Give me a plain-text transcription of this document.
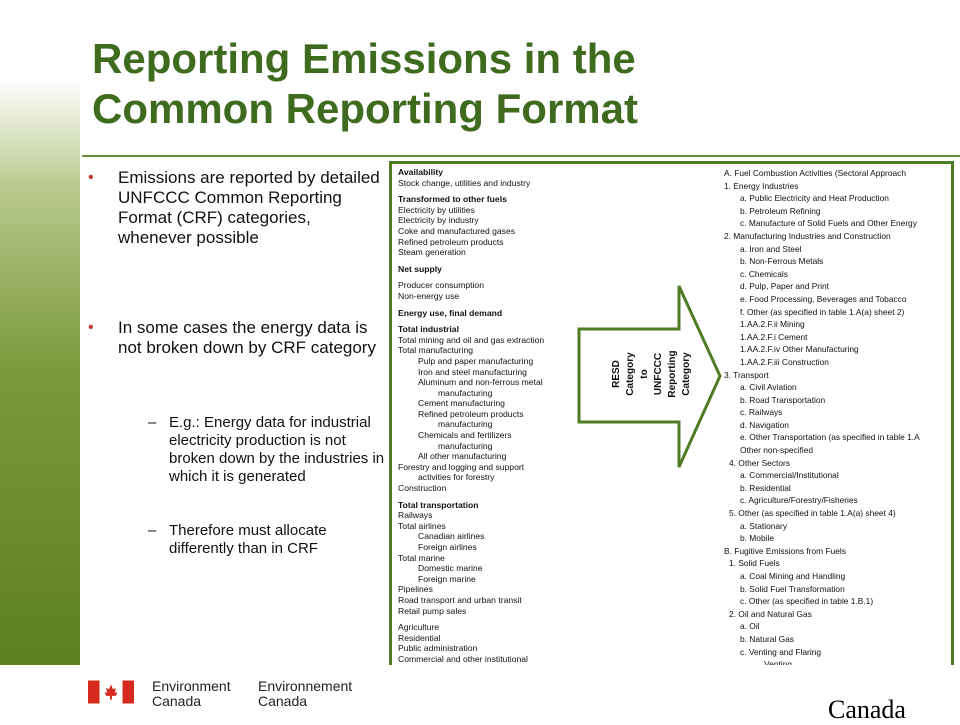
Reporting Emissions in the
Common Reporting Format
• Emissions are reported by detailed UNFCCC Common Reporting Format (CRF) categories, whenever possible
• In some cases the energy data is not broken down by CRF category
– E.g.: Energy data for industrial electricity production is not broken down by the industries in which it is generated
– Therefore must allocate differently than in CRF
Availability
Stock change, utilities and industry
Transformed to other fuels
Electricity by utilities
Electricity by industry
Coke and manufactured gases
Refined petroleum products
Steam generation
Net supply
Producer consumption
Non-energy use
Energy use, final demand
Total industrial
Total mining and oil and gas extraction
Total manufacturing
Pulp and paper manufacturing
Iron and steel manufacturing
Aluminum and non-ferrous metal
manufacturing
Cement manufacturing
Refined petroleum products
manufacturing
Chemicals and fertilizers
manufacturing
All other manufacturing
Forestry and logging and support
activities for forestry
Construction
Total transportation
Railways
Total airlines
Canadian airlines
Foreign airlines
Total marine
Domestic marine
Foreign marine
Pipelines
Road transport and urban transit
Retail pump sales
Agriculture
Residential
Public administration
Commercial and other institutional
RESD Category to UNFCCC Reporting Category
A. Fuel Combustion Activities (Sectoral Approach
1. Energy Industries
a. Public Electricity and Heat Production
b. Petroleum Refining
c. Manufacture of Solid Fuels and Other Energy
2. Manufacturing Industries and Construction
a. Iron and Steel
b. Non-Ferrous Metals
c. Chemicals
d. Pulp, Paper and Print
e. Food Processing, Beverages and Tobacco
f. Other (as specified in table 1.A(a) sheet 2)
1.AA.2.F.ii Mining
1.AA.2.F.i Cement
1.AA.2.F.iv Other Manufacturing
1.AA.2.F.iii Construction
3. Transport
a. Civil Aviation
b. Road Transportation
c. Railways
d. Navigation
e. Other Transportation (as specified in table 1.A
Other non-specified
4. Other Sectors
a. Commercial/Institutional
b. Residential
c. Agriculture/Forestry/Fisheries
5. Other (as specified in table 1.A(a) sheet 4)
a. Stationary
b. Mobile
B. Fugitive Emissions from Fuels
1. Solid Fuels
a. Coal Mining and Handling
b. Solid Fuel Transformation
c. Other (as specified in table 1.B.1)
2. Oil and Natural Gas
a. Oil
b. Natural Gas
c. Venting and Flaring
Environment
Canada
Environnement
Canada	Canada
